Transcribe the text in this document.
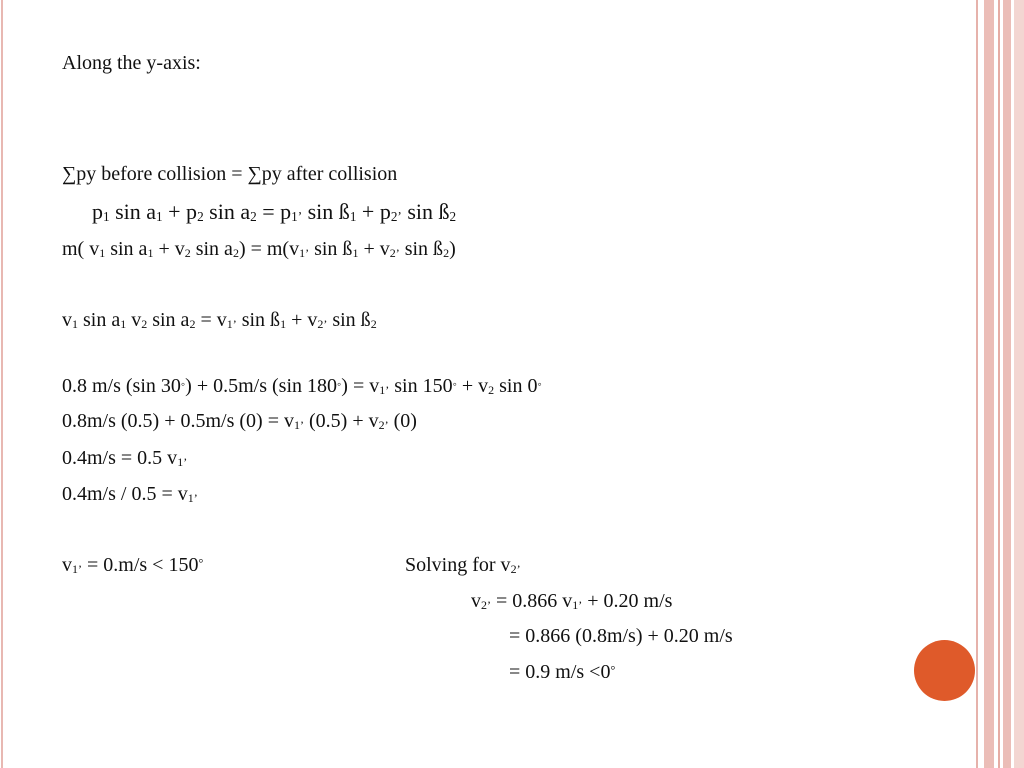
Along the y-axis:
∑py before collision = ∑py after collision
$p_1$ $\sin a_1 + p_2$ $\sin a_2 = p_{1’}$ $\sin ß_1 + p_{2’}$ $\sin ß_2$
m( $v_1$ $\sin a_1 + v_2$ $\sin a_2) = m(v_{1’}$ $\sin ß_1 + v_{2’}$ $\sin ß_2$)
$v_1$ $\sin a_1$ $v_2$ $\sin a_2 = v_{1’}$ $\sin ß_1 + v_{2’}$ $\sin ß_2$
0.8 m/s (sin 30◦) + 0.5m/s (sin $180^◦) = v_{1’}$ $\sin 150^◦ + v_2$ sin 0◦
0.8m/s (0.5) + 0.5m/s $(0) = v_{1’}$ $(0.5) + v_{2’}$ (0)
0.4m/s = 0.5 $v_{1’}$
$0.4m/s / 0.5 = v_{1’}$
$v_{1’} = 0.m/s < 150^\circ$	Solving for $v_{2’}$
$v_{2’} = 0.866$ $v_{1’} + 0.20$ m/s
= 0.866 (0.8m/s) + 0.20 m/s
= 0.9 m/s <0°
